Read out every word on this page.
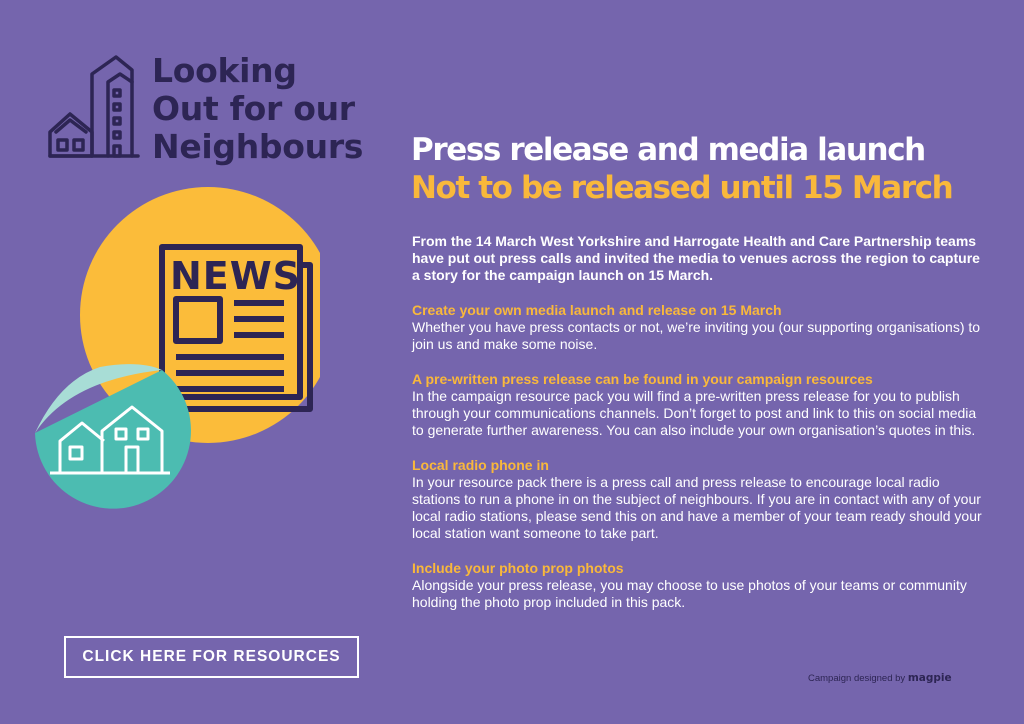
Looking
Out for our
Neighbours
NEWS
Press release and media launch
Not to be released until 15 March

From the 14 March West Yorkshire and Harrogate Health and Care Partnership teams have put out press calls and invited the media to venues across the region to capture a story for the campaign launch on 15 March.

Create your own media launch and release on 15 March

Whether you have press contacts or not, we’re inviting you (our supporting organisations) to join us and make some noise.

A pre-written press release can be found in your campaign resources

In the campaign resource pack you will find a pre-written press release for you to publish through your communications channels. Don’t forget to post and link to this on social media to generate further awareness. You can also include your own organisation’s quotes in this.

Local radio phone in

In your resource pack there is a press call and press release to encourage local radio stations to run a phone in on the subject of neighbours. If you are in contact with any of your local radio stations, please send this on and have a member of your team ready should your local station want someone to take part.

Include your photo prop photos

Alongside your press release, you may choose to use photos of your teams or community holding the photo prop included in this pack.

CLICK HERE FOR RESOURCES
Campaign designed by magpie
